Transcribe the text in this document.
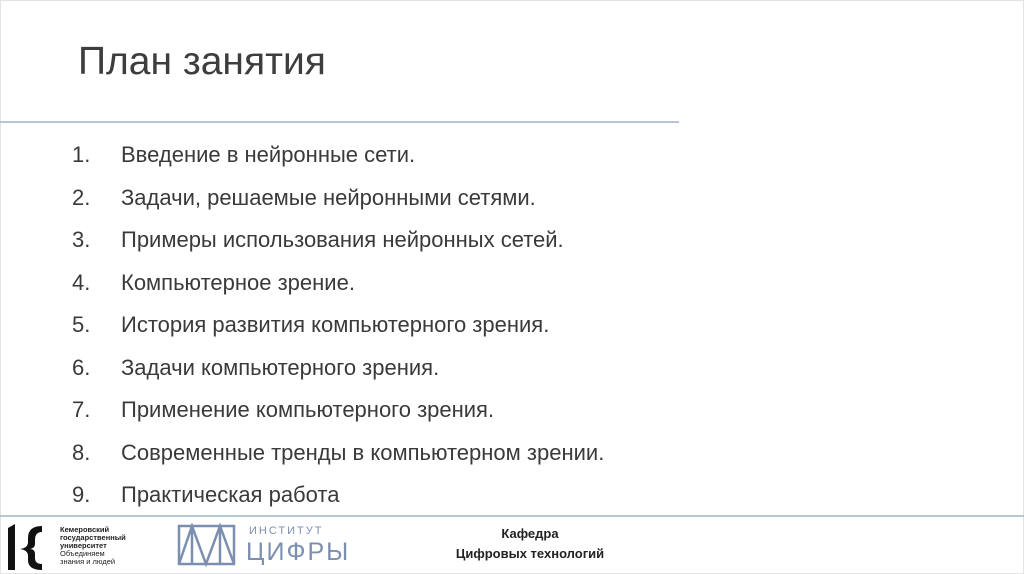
План занятия
1.	Введение в нейронные сети.
2.	Задачи, решаемые нейронными сетями.
3.	Примеры использования нейронных сетей.
4.	Компьютерное зрение.
5.	История развития компьютерного зрения.
6.	Задачи компьютерного зрения.
7.	Применение компьютерного зрения.
8.	Современные тренды в компьютерном зрении.
9.	Практическая работа
Кемеровский
государственный
университет
Объединяем
знания и людей
ИНСТИТУТ
ЦИФРЫ
Кафедра
Цифровых технологий
